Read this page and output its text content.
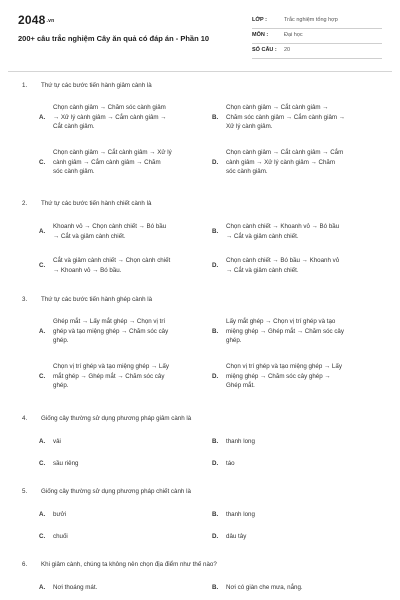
2048.vn
200+ câu trắc nghiệm Cây ăn quả có đáp án - Phần 10
LỚP :	Trắc nghiệm tổng hợp
MÔN :	Đại học
SỐ CÂU : 20
1. Thứ tự các bước tiến hành giâm cành là
A.
Chọn cành giâm → Chăm sóc cành giâm
→ Xử lý cành giâm → Cắm cành giâm →
Cắt cành giâm.
B.
Chọn cành giâm → Cắt cành giâm →
Chăm sóc cành giâm → Cắm cành giâm →
Xử lý cành giâm.
C.
Chọn cành giâm → Cắt cành giâm → Xử lý
cành giâm → Cắm cành giâm → Chăm
sóc cành giâm.
D.
Chọn cành giâm → Cắt cành giâm → Cắm
cành giâm → Xử lý cành giâm → Chăm
sóc cành giâm.
2. Thứ tự các bước tiến hành chiết cành là
A.
Khoanh vỏ → Chọn cành chiết → Bó bầu
→ Cắt và giâm cành chiết.
B.
Chọn cành chiết → Khoanh vỏ → Bó bầu
→ Cắt và giâm cành chiết.
C.
Cắt và giâm cành chiết → Chọn cành chiết
→ Khoanh vỏ → Bó bầu.
D.
Chọn cành chiết → Bó bầu → Khoanh vỏ
→ Cắt và giâm cành chiết.
3. Thứ tự các bước tiến hành ghép cành là
A.
Ghép mắt → Lấy mắt ghép → Chọn vị trí
ghép và tạo miệng ghép → Chăm sóc cây
ghép.
B.
Lấy mắt ghép → Chọn vị trí ghép và tạo
miệng ghép → Ghép mắt → Chăm sóc cây
ghép.
C.
Chọn vị trí ghép và tạo miệng ghép → Lấy
mắt ghép → Ghép mắt → Chăm sóc cây
ghép.
D.
Chọn vị trí ghép và tạo miệng ghép → Lấy
miệng ghép → Chăm sóc cây ghép →
Ghép mắt.
4. Giống cây thường sử dụng phương pháp giâm cành là
A. vải	B. thanh long
C. sầu riêng	D. táo
5. Giống cây thường sử dụng phương pháp chiết cành là
A. bưởi	B. thanh long
C. chuối	D. dâu tây
6. Khi giâm cành, chúng ta không nên chọn địa điểm như thế nào?
A. Nơi thoáng mát.	B. Nơi có giàn che mưa, nắng.
